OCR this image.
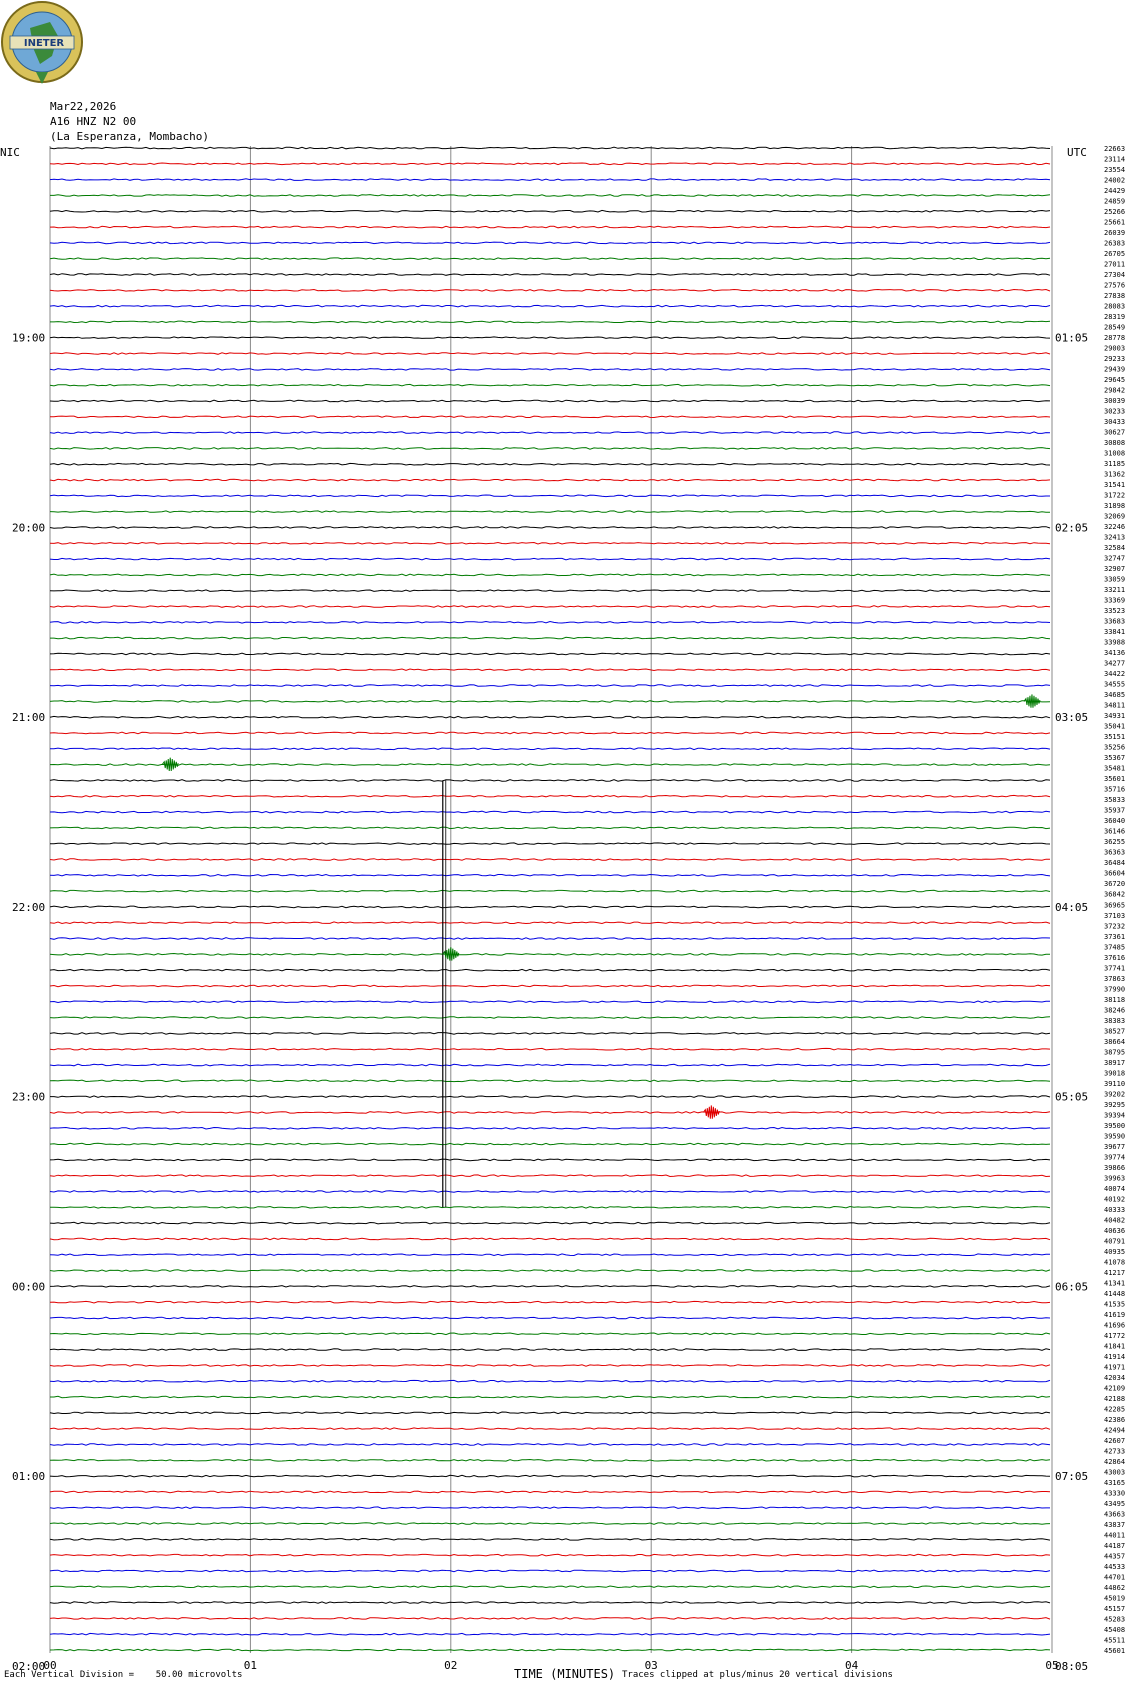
INETER
Mar22,2026
A16 HNZ N2 00
(La Esperanza, Mombacho)
00	01	02	03	04	05
NIC	UTC
19:00
20:00
21:00
22:00
23:00
00:00
01:00
02:00
01:05
02:05
03:05
04:05
05:05
06:05
07:05
08:05
22663
23114
23554
24002
24429
24859
25266
25661
26039
26383
26705
27011
27304
27576
27838
28083
28319
28549
28778
29003
29233
29439
29645
29842
30039
30233
30433
30627
30808
31008
31185
31362
31541
31722
31898
32069
32246
32413
32584
32747
32907
33059
33211
33369
33523
33683
33841
33988
34136
34277
34422
34555
34685
34811
34931
35041
35151
35256
35367
35481
35601
35716
35833
35937
36040
36146
36255
36363
36484
36604
36720
36842
36965
37103
37232
37361
37485
37616
37741
37863
37990
38118
38246
38383
38527
38664
38795
38917
39018
39110
39202
39295
39394
39500
39590
39677
39774
39866
39963
40074
40192
40333
40482
40636
40791
40935
41078
41217
41341
41448
41535
41619
41696
41772
41841
41914
41971
42034
42109
42188
42285
42386
42494
42607
42733
42864
43003
43165
43330
43495
43663
43837
44011
44187
44357
44533
44701
44862
45019
45157
45283
45408
45511
45601
Each Vertical Division =    50.00 microvolts	TIME (MINUTES) Traces clipped at plus/minus 20 vertical divisions
